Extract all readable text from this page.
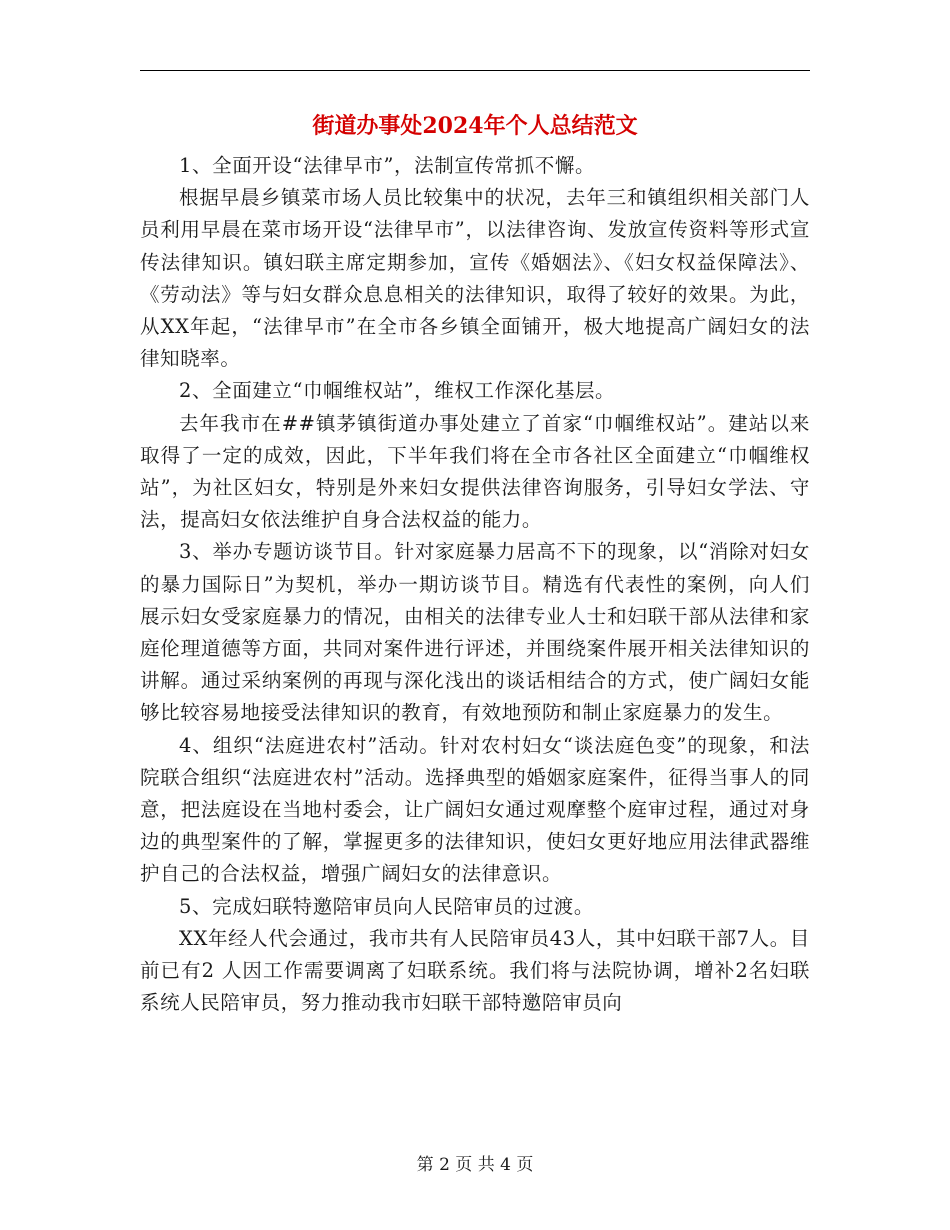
街道办事处2024年个人总结范文

1、全面开设“法律早市”，法制宣传常抓不懈。

根据早晨乡镇菜市场人员比较集中的状况，去年三和镇组织相关部门人员利用早晨在菜市场开设“法律早市”，以法律咨询、发放宣传资料等形式宣传法律知识。镇妇联主席定期参加，宣传《婚姻法》、《妇女权益保障法》、《劳动法》等与妇女群众息息相关的法律知识，取得了较好的效果。为此，从XX年起，“法律早市”在全市各乡镇全面铺开，极大地提高广阔妇女的法律知晓率。

2、全面建立“巾帼维权站”，维权工作深化基层。

去年我市在##镇茅镇街道办事处建立了首家“巾帼维权站”。建站以来取得了一定的成效，因此，下半年我们将在全市各社区全面建立“巾帼维权站”，为社区妇女，特别是外来妇女提供法律咨询服务，引导妇女学法、守法，提高妇女依法维护自身合法权益的能力。

3、举办专题访谈节目。针对家庭暴力居高不下的现象，以“消除对妇女的暴力国际日”为契机，举办一期访谈节目。精选有代表性的案例，向人们展示妇女受家庭暴力的情况，由相关的法律专业人士和妇联干部从法律和家庭伦理道德等方面，共同对案件进行评述，并围绕案件展开相关法律知识的讲解。通过采纳案例的再现与深化浅出的谈话相结合的方式，使广阔妇女能够比较容易地接受法律知识的教育，有效地预防和制止家庭暴力的发生。

4、组织“法庭进农村”活动。针对农村妇女“谈法庭色变”的现象，和法院联合组织“法庭进农村”活动。选择典型的婚姻家庭案件，征得当事人的同意，把法庭设在当地村委会，让广阔妇女通过观摩整个庭审过程，通过对身边的典型案件的了解，掌握更多的法律知识，使妇女更好地应用法律武器维护自己的合法权益，增强广阔妇女的法律意识。

5、完成妇联特邀陪审员向人民陪审员的过渡。

XX年经人代会通过，我市共有人民陪审员43人，其中妇联干部7人。目前已有2 人因工作需要调离了妇联系统。我们将与法院协调，增补2名妇联系统人民陪审员，努力推动我市妇联干部特邀陪审员向

第 2 页 共 4 页
